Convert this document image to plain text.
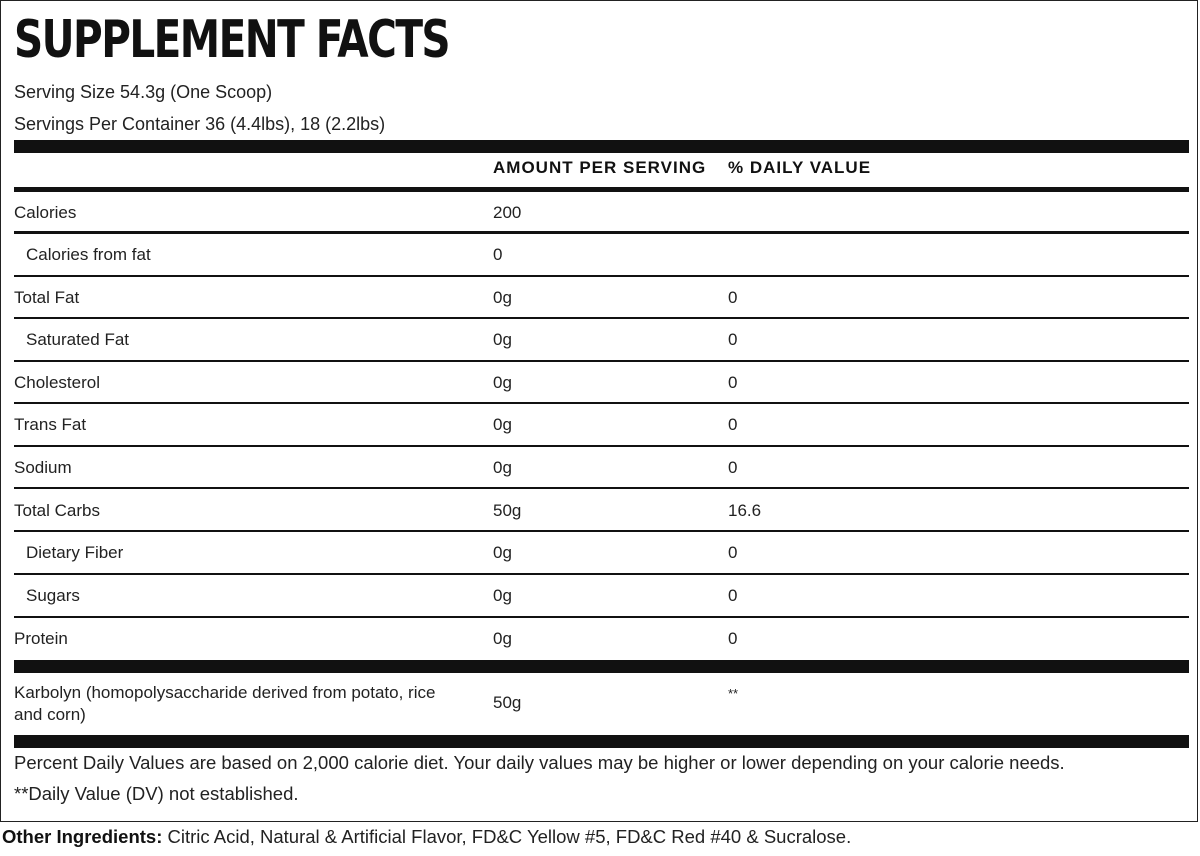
SUPPLEMENT FACTS
Serving Size 54.3g (One Scoop)
Servings Per Container 36 (4.4lbs), 18 (2.2lbs)
AMOUNT PER SERVING % DAILY VALUE
Calories	200
Calories from fat	0
Total Fat	0g	0
Saturated Fat	0g	0
Cholesterol	0g	0
Trans Fat	0g	0
Sodium	0g	0
Total Carbs	50g	16.6
Dietary Fiber	0g	0
Sugars	0g	0
Protein	0g	0
Karbolyn (homopolysaccharide derived from potato, rice
and corn)
50g	**
Percent Daily Values are based on 2,000 calorie diet. Your daily values may be higher or lower depending on your calorie needs.
**Daily Value (DV) not established.
Other Ingredients: Citric Acid, Natural & Artificial Flavor, FD&C Yellow #5, FD&C Red #40 & Sucralose.
